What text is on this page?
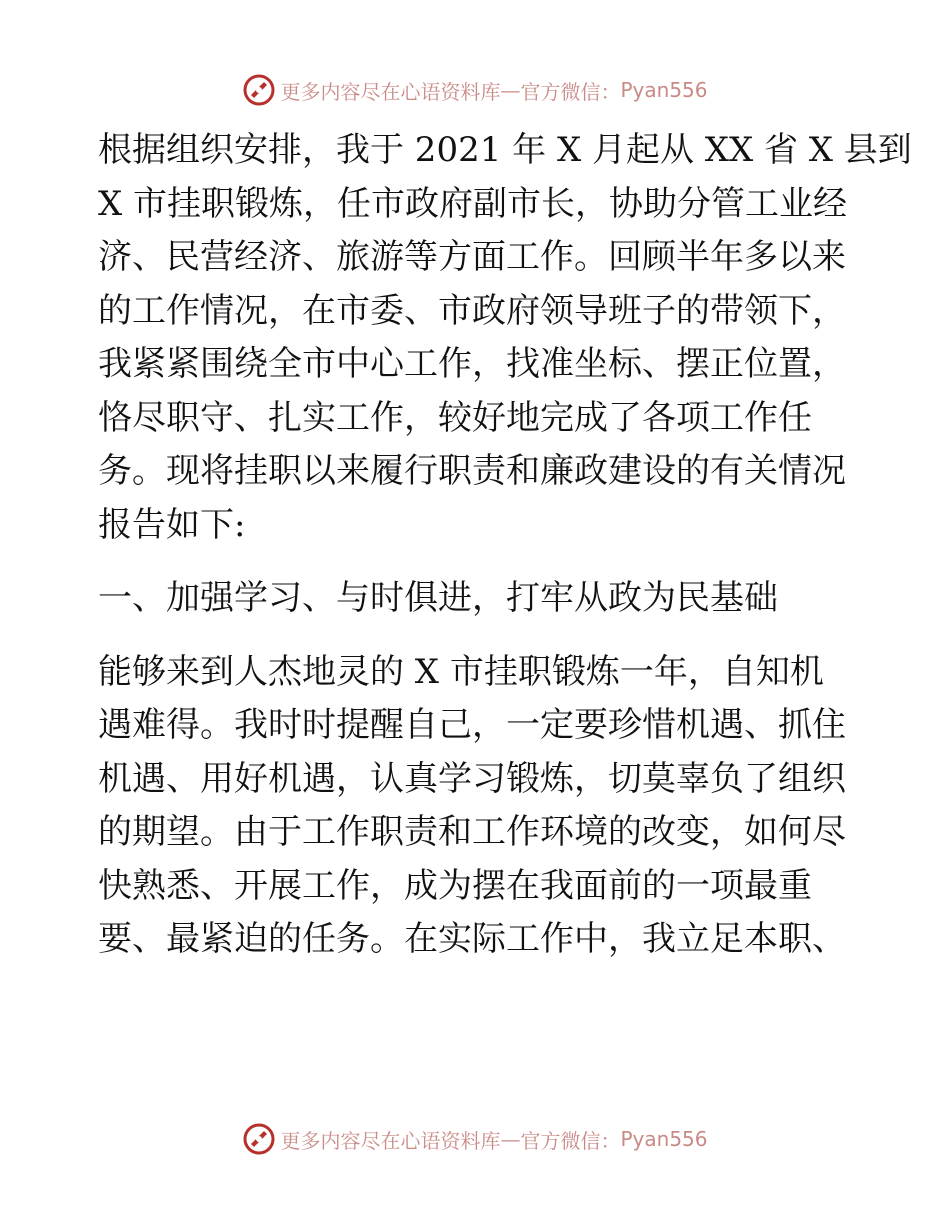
更多内容尽在心语资料库 — 官方微信： Pyan556
根据组织安排，我于 2021 年 X 月起从 XX 省 X 县到
X 市挂职锻炼，任市政府副市长，协助分管工业经
济、民营经济、旅游等方面工作。回顾半年多以来
的工作情况，在市委、市政府领导班子的带领下，
我紧紧围绕全市中心工作，找准坐标、摆正位置，
恪尽职守、扎实工作，较好地完成了各项工作任
务。现将挂职以来履行职责和廉政建设的有关情况
报告如下:
一、加强学习、与时俱进，打牢从政为民基础
能够来到人杰地灵的 X 市挂职锻炼一年，自知机
遇难得。我时时提醒自己，一定要珍惜机遇、抓住
机遇、用好机遇，认真学习锻炼，切莫辜负了组织
的期望。由于工作职责和工作环境的改变，如何尽
快熟悉、开展工作，成为摆在我面前的一项最重
要、最紧迫的任务。在实际工作中，我立足本职、
更多内容尽在心语资料库 — 官方微信： Pyan556
